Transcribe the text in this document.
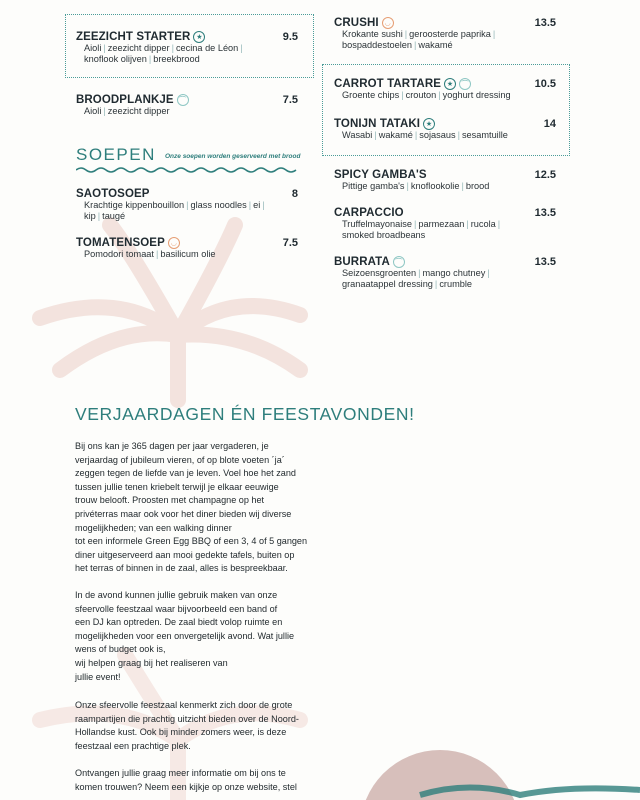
ZEEZICHT STARTER ★	9.5
Aioli | zeezicht dipper | cecina de Léon |
knoflook olijven | breekbrood
BROODPLANKJE ⌒	7.5
Aioli | zeezicht dipper
SOEPEN Onze soepen worden geserveerd met brood
SAOTOSOEP	8
Krachtige kippenbouillon | glass noodles | ei |
kip | taugé
TOMATENSOEP ◡	7.5
Pomodori tomaat | basilicum olie
CRUSHI ◡	13.5
Krokante sushi | geroosterde paprika |
bospaddestoelen | wakamé
CARROT TARTARE ★	⌒	10.5
Groente chips | crouton | yoghurt dressing
TONIJN TATAKI ★	14
Wasabi | wakamé | sojasaus | sesamtuille
SPICY GAMBA'S	12.5
Pittige gamba's | knoflookolie | brood
CARPACCIO	13.5
Truffelmayonaise | parmezaan | rucola |
smoked broadbeans
BURRATA ⌒	13.5
Seizoensgroenten | mango chutney |
granaatappel dressing | crumble
VERJAARDAGEN ÉN FEESTAVONDEN!
Bij ons kan je 365 dagen per jaar vergaderen, je
verjaardag of jubileum vieren, of op blote voeten ´ja´
zeggen tegen de liefde van je leven. Voel hoe het zand
tussen jullie tenen kriebelt terwijl je elkaar eeuwige
trouw belooft. Proosten met champagne op het
privéterras maar ook voor het diner bieden wij diverse
mogelijkheden; van een walking dinner
tot een informele Green Egg BBQ of een 3, 4 of 5 gangen
diner uitgeserveerd aan mooi gedekte tafels, buiten op
het terras of binnen in de zaal, alles is bespreekbaar.
In de avond kunnen jullie gebruik maken van onze
sfeervolle feestzaal waar bijvoorbeeld een band of
een DJ kan optreden. De zaal biedt volop ruimte en
mogelijkheden voor een onvergetelijk avond. Wat jullie
wens of budget ook is,
wij helpen graag bij het realiseren van
jullie event!
Onze sfeervolle feestzaal kenmerkt zich door de grote
raampartijen die prachtig uitzicht bieden over de Noord-
Hollandse kust. Ook bij minder zomers weer, is deze
feestzaal een prachtige plek.
Ontvangen jullie graag meer informatie om bij ons te
komen trouwen? Neem een kijkje op onze website, stel
